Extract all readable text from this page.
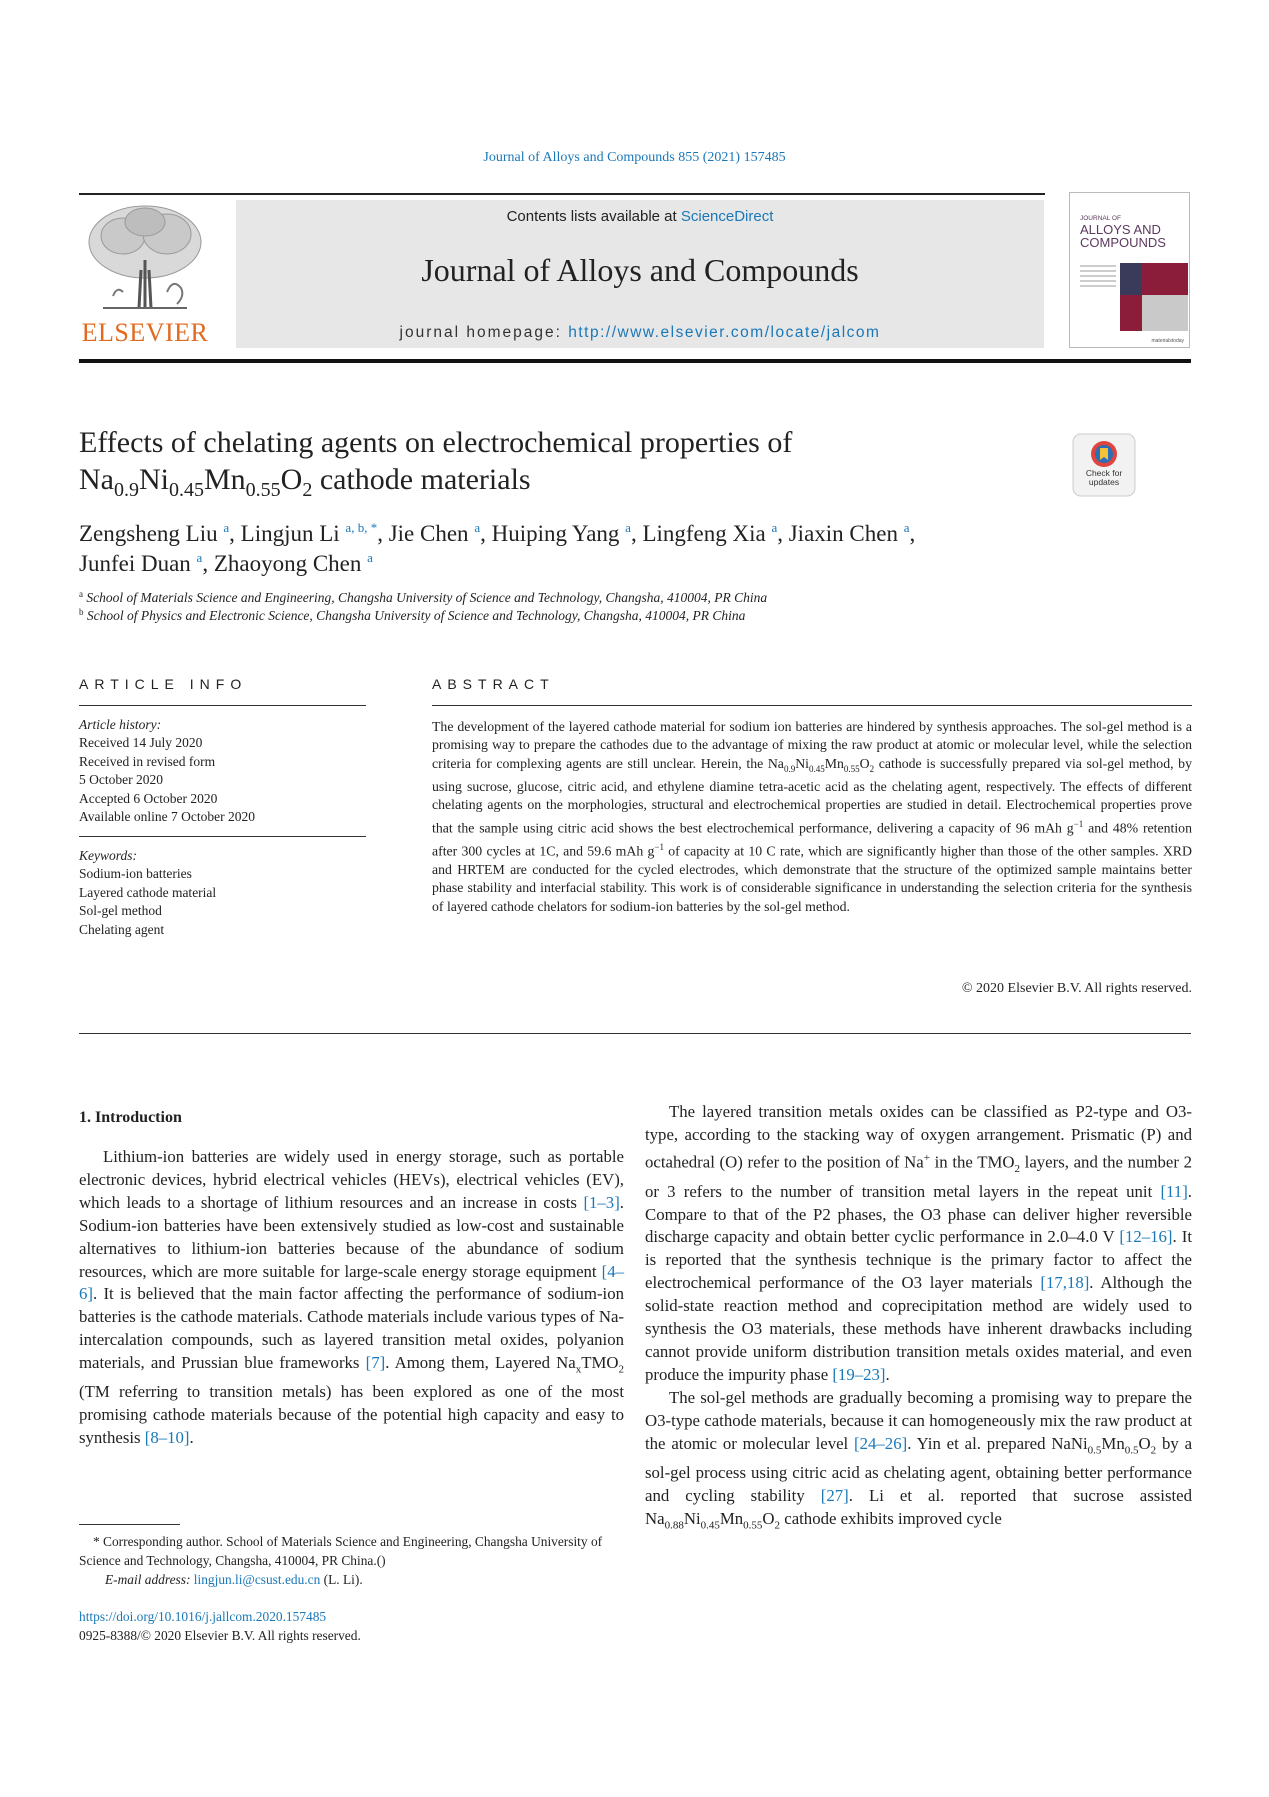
Journal of Alloys and Compounds 855 (2021) 157485
ELSEVIER
Contents lists available at ScienceDirect
Journal of Alloys and Compounds
journal homepage: http://www.elsevier.com/locate/jalcom
JOURNAL OF
ALLOYS AND
COMPOUNDS
materialstoday
Effects of chelating agents on electrochemical properties of
$Na_{0.9}Ni_{0.45}Mn_{0.55}O_2$ cathode materials	Check for updates
Zengsheng Liu $^a$, Lingjun Li $^{a, b, *}$, Jie Chen $^a$, Huiping Yang $^a$, Lingfeng Xia $^a$, Jiaxin Chen $^a$,
Junfei Duan $^a$, Zhaoyong Chen $^a$
$^a$ School of Materials Science and Engineering, Changsha University of Science and Technology, Changsha, 410004, PR China
$^b$ School of Physics and Electronic Science, Changsha University of Science and Technology, Changsha, 410004, PR China
ARTICLE INFO
Article history:
Received 14 July 2020
Received in revised form
5 October 2020
Accepted 6 October 2020
Available online 7 October 2020
Keywords:
Sodium-ion batteries
Layered cathode material
Sol-gel method
Chelating agent
ABSTRACT
The development of the layered cathode material for sodium ion batteries are hindered by synthesis approaches. The sol-gel method is a promising way to prepare the cathodes due to the advantage of mixing the raw product at atomic or molecular level, while the selection criteria for complexing agents are still unclear. Herein, the $Na_{0.9}Ni_{0.45}Mn_{0.55}O_2$ cathode is successfully prepared via sol-gel method, by using sucrose, glucose, citric acid, and ethylene diamine tetra-acetic acid as the chelating agent, respectively. The effects of different chelating agents on the morphologies, structural and electrochemical properties are studied in detail. Electrochemical properties prove that the sample using citric acid shows the best electrochemical performance, delivering a capacity of 96 mAh $g^{-1}$ and 48% retention after 300 cycles at 1C, and 59.6 mAh $g^{-1}$ of capacity at 10 C rate, which are significantly higher than those of the other samples. XRD and HRTEM are conducted for the cycled electrodes, which demonstrate that the structure of the optimized sample maintains better phase stability and interfacial stability. This work is of considerable significance in understanding the selection criteria for the synthesis of layered cathode chelators for sodium-ion batteries by the sol-gel method.
© 2020 Elsevier B.V. All rights reserved.
1. Introduction

Lithium-ion batteries are widely used in energy storage, such as portable electronic devices, hybrid electrical vehicles (HEVs), electrical vehicles (EV), which leads to a shortage of lithium resources and an increase in costs [1–3]. Sodium-ion batteries have been extensively studied as low-cost and sustainable alternatives to lithium-ion batteries because of the abundance of sodium resources, which are more suitable for large-scale energy storage equipment [4–6]. It is believed that the main factor affecting the performance of sodium-ion batteries is the cathode materials. Cathode materials include various types of Na-intercalation compounds, such as layered transition metal oxides, polyanion materials, and Prussian blue frameworks [7]. Among them, Layered $Na_xTMO_2$ (TM referring to transition metals) has been explored as one of the most promising cathode materials because of the potential high capacity and easy to synthesis [8–10].

The layered transition metals oxides can be classified as P2-type and O3-type, according to the stacking way of oxygen arrangement. Prismatic (P) and octahedral (O) refer to the position of Na+ in the $TMO_2$ layers, and the number 2 or 3 refers to the number of transition metal layers in the repeat unit [11]. Compare to that of the P2 phases, the O3 phase can deliver higher reversible discharge capacity and obtain better cyclic performance in 2.0–4.0 V [12–16]. It is reported that the synthesis technique is the primary factor to affect the electrochemical performance of the O3 layer materials [17,18]. Although the solid-state reaction method and coprecipitation method are widely used to synthesis the O3 materials, these methods have inherent drawbacks including cannot provide uniform distribution transition metals oxides material, and even produce the impurity phase [19–23].

The sol-gel methods are gradually becoming a promising way to prepare the O3-type cathode materials, because it can homogeneously mix the raw product at the atomic or molecular level [24–26]. Yin et al. prepared $NaNi_{0.5}Mn_{0.5}O_2$ by a sol-gel process using citric acid as chelating agent, obtaining better performance and cycling stability [27]. Li et al. reported that sucrose assisted $Na_{0.88}Ni_{0.45}Mn_{0.55}O_2$ cathode exhibits improved cycle

* Corresponding author. School of Materials Science and Engineering, Changsha University of Science and Technology, Changsha, 410004, PR China.()
E-mail address: lingjun.li@csust.edu.cn (L. Li).
https://doi.org/10.1016/j.jallcom.2020.157485
0925-8388/© 2020 Elsevier B.V. All rights reserved.
